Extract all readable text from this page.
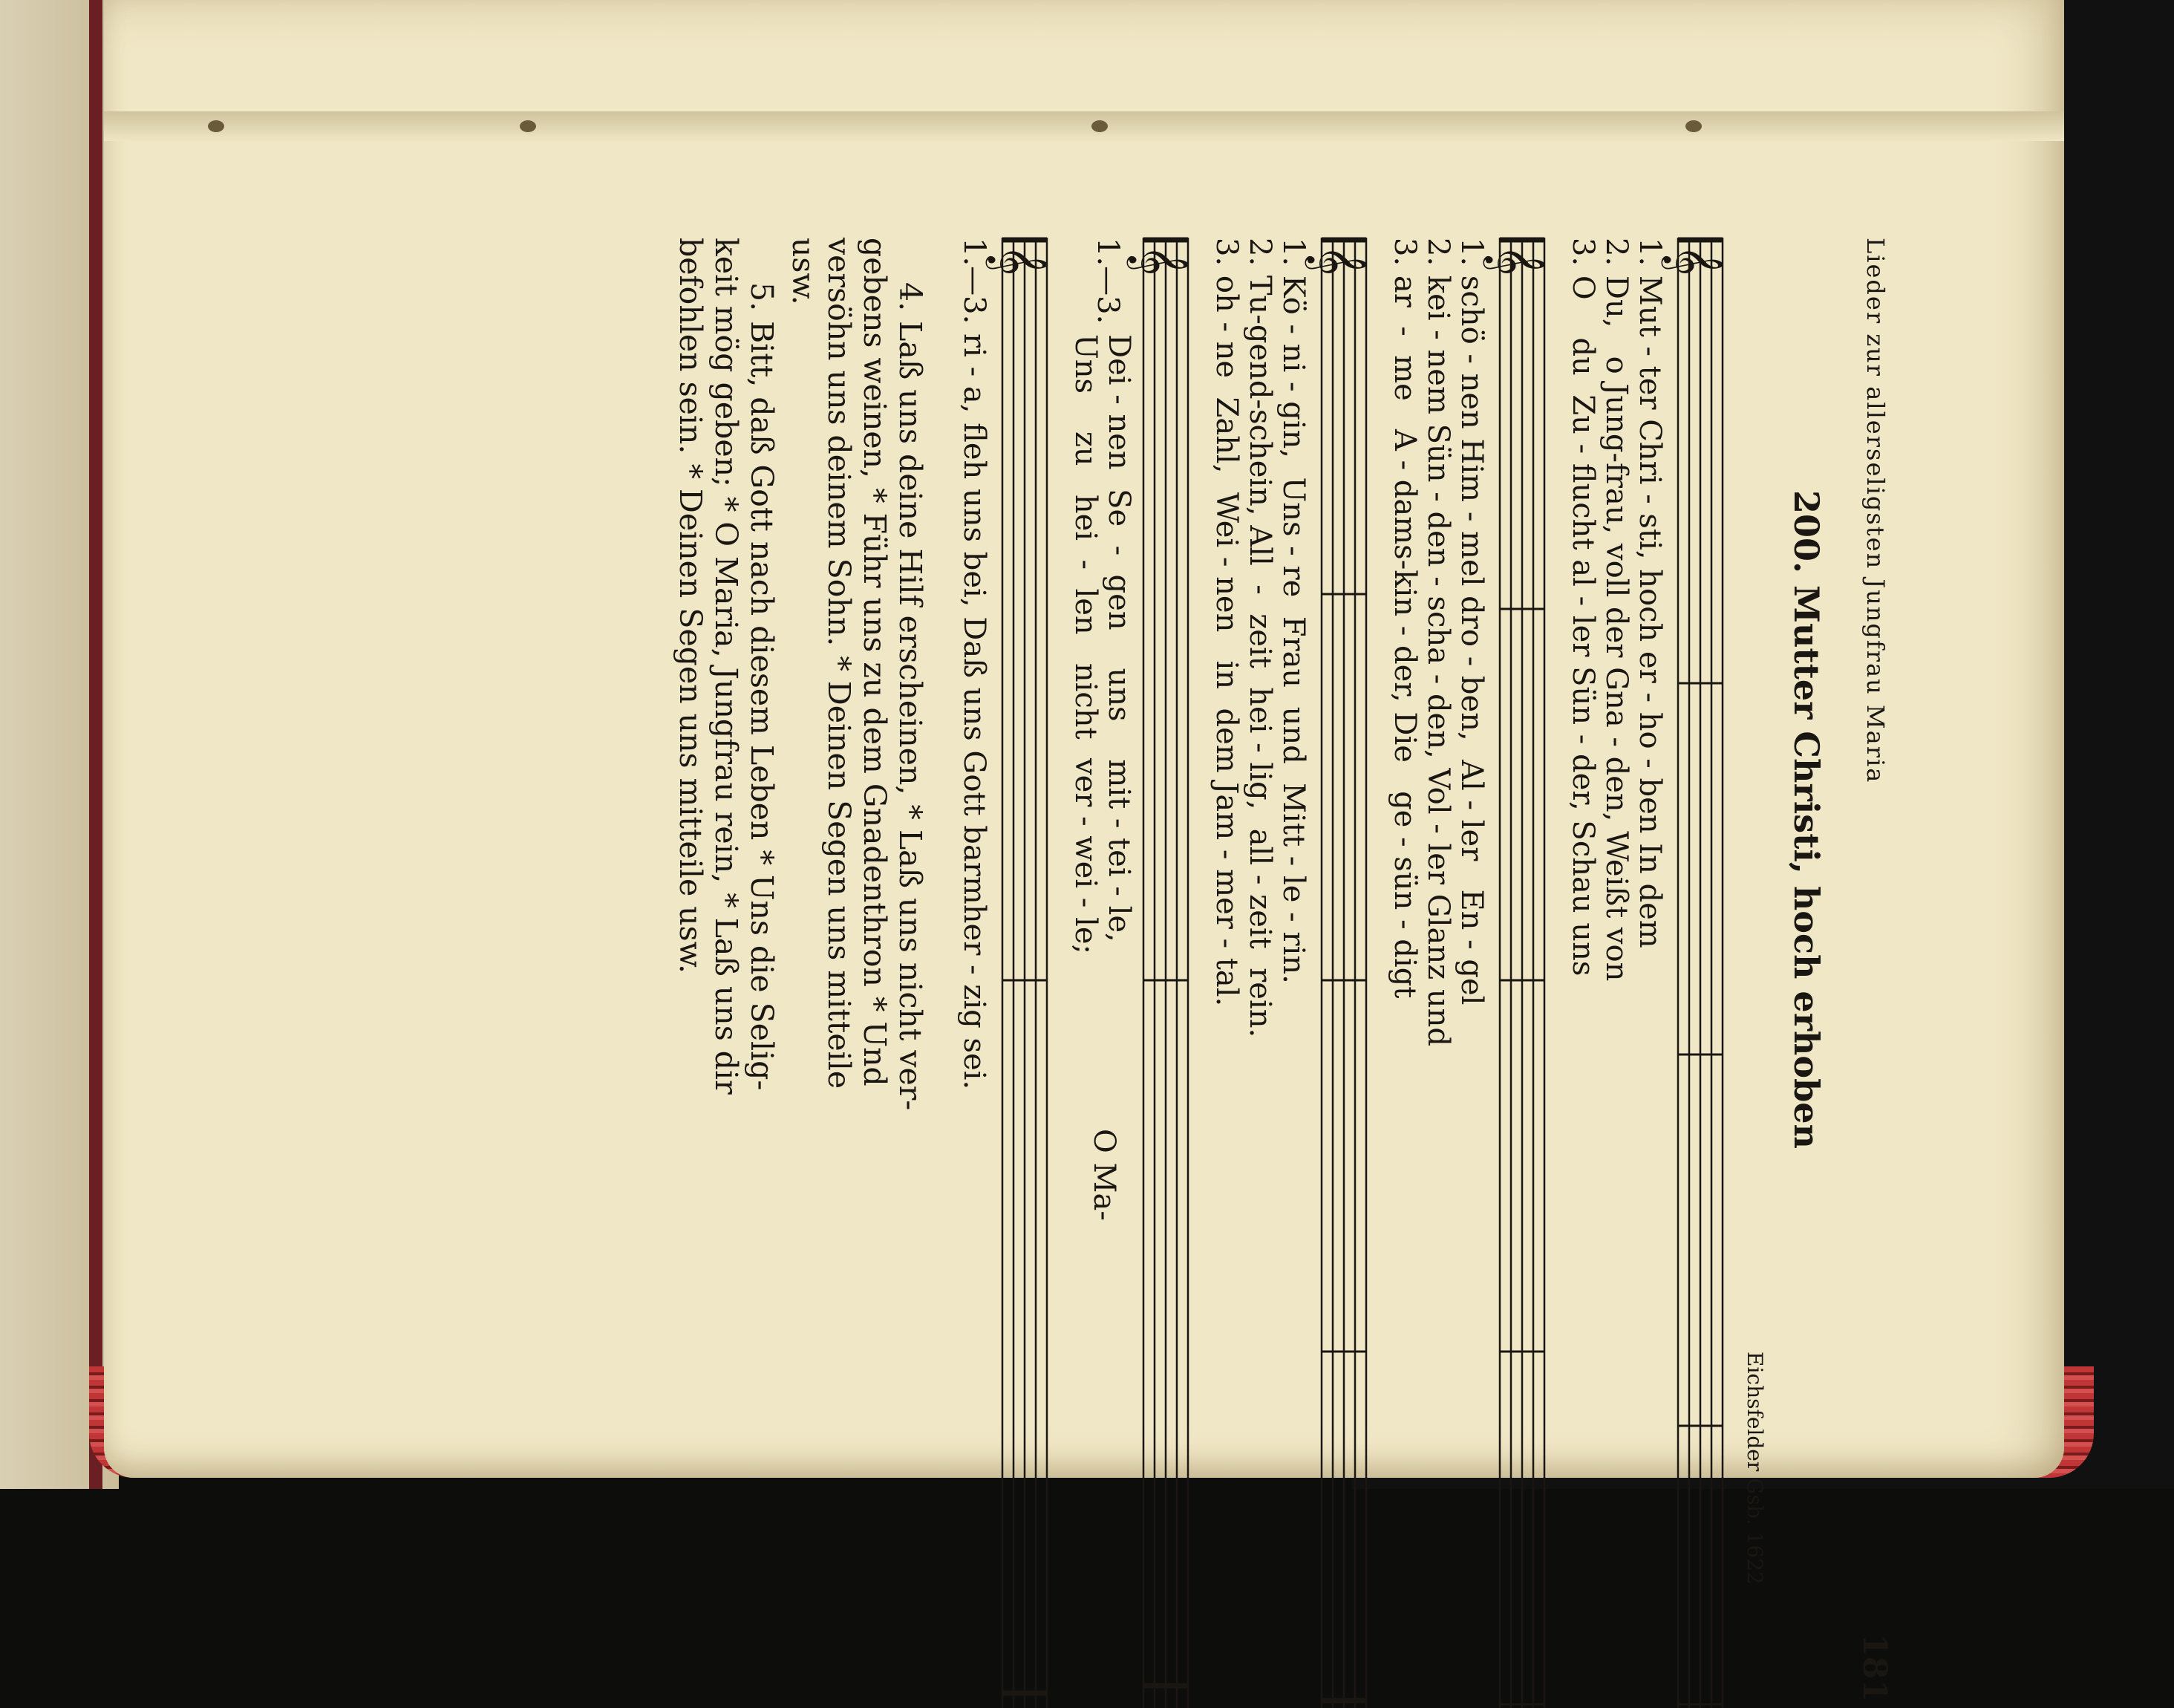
Lieder zur allerseligsten Jungfrau Maria
181
200. Mutter Christi, hoch erhoben
Eichsfelder Gsb. 1622
𝄞
1. Mut - ter Chri - sti, hoch er - ho - ben In dem
2. Du,   o Jung-frau, voll der Gna - den, Weißt von
3. O    du  Zu - flucht al - ler Sün - der, Schau uns
𝄞
1. schö - nen Him - mel dro - ben,  Al - ler   En - gel
2. kei - nem Sün - den - scha - den, Vol - ler Glanz und
3. ar  -  me   A - dams-kin - der, Die   ge - sün - digt
𝄞
1. Kö - ni - gin,  Uns - re  Frau  und  Mitt - le - rin.
2. Tu-gend-schein, All  -  zeit  hei - lig,  all - zeit  rein.
3. oh - ne  Zahl,  Wei - nen   in  dem Jam - mer - tal.
𝄞
1.—3.
Dei - nen  Se  -  gen    uns    mit - tei - le,
Uns    zu   hei  -  len   nicht  ver - wei - le;
O Ma-
𝄞
1.—3. ri - a, fleh uns bei, Daß uns Gott barmher - zig sei.
4. Laß uns deine Hilf erscheinen, * Laß uns nicht ver-
gebens weinen, * Führ uns zu dem Gnadenthron * Und
versöhn uns deinem Sohn. * Deinen Segen uns mitteile
usw.
5. Bitt, daß Gott nach diesem Leben * Uns die Selig-
keit mög geben; * O Maria, Jungfrau rein, * Laß uns dir
befohlen sein. * Deinen Segen uns mitteile usw.
